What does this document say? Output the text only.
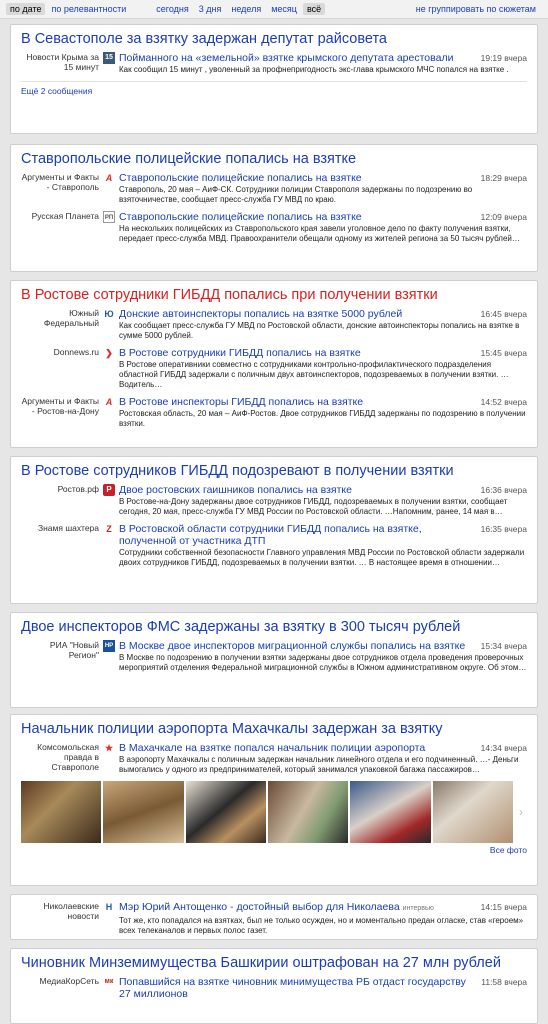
по дате	по релевантности	сегодня	3 дня	неделя	месяц	всё	не группировать по сюжетам
В Севастополе за взятку задержан депутат райсовета
Новости Крыма за 15 минут
15 Пойманного на «земельной» взятке крымского депутата арестовали	19:19 вчера
Как сообщил 15 минут , уволенный за профнепригодность экс-глава крымского МЧС попался на взятке .
Ещё 2 сообщения
Ставропольские полицейские попались на взятке
Аргументы и Факты - Ставрополь
A Ставропольские полицейские попались на взятке	18:29 вчера
Ставрополь, 20 мая – АиФ-СК. Сотрудники полиции Ставрополя задержаны по подозрению во взяточничестве, сообщает пресс-служба ГУ МВД по краю.
Русская Планета РП Ставропольские полицейские попались на взятке	12:09 вчера
На нескольких полицейских из Ставропольского края завели уголовное дело по факту получения взятки, передает пресс-служба МВД. Правоохранители обещали одному из жителей региона за 50 тысяч рублей…
В Ростове сотрудники ГИБДД попались при получении взятки
Южный Федеральный
Ю Донские автоинспекторы попались на взятке 5000 рублей	16:45 вчера
Как сообщает пресс-служба ГУ МВД по Ростовской области, донские автоинспекторы попались на взятке в сумме 5000 рублей.
Donnews.ru ❯ В Ростове сотрудники ГИБДД попались на взятке	15:45 вчера
В Ростове оперативники совместно с сотрудниками контрольно-профилактического подразделения областной ГИБДД задержали с поличным двух автоинспекторов, подозреваемых в получении взятки. …Водитель…
Аргументы и Факты - Ростов-на-Дону
A В Ростове инспекторы ГИБДД попались на взятке	14:52 вчера
Ростовская область, 20 мая – АиФ-Ростов. Двое сотрудников ГИБДД задержаны по подозрению в получении взятки.
В Ростове сотрудников ГИБДД подозревают в получении взятки
Ростов.рф Р Двое ростовских гаишников попались на взятке	16:36 вчера
В Ростове-на-Дону задержаны двое сотрудников ГИБДД, подозреваемых в получении взятки, сообщает сегодня, 20 мая, пресс-служба ГУ МВД России по Ростовской области. …Напомним, ранее, 14 мая в…
Знамя шахтера Z В Ростовской области сотрудники ГИБДД попались на взятке, полученной от участника ДТП
16:35 вчера
Сотрудники собственной безопасности Главного управления МВД России по Ростовской области задержали двоих сотрудников ГИБДД, подозреваемых в получении взятки. … В настоящее время в отношении…
Двое инспекторов ФМС задержаны за взятку в 300 тысяч рублей
РИА "Новый Регион"
НР В Москве двое инспекторов миграционной службы попались на взятке	15:34 вчера
В Москве по подозрению в получении взятки задержаны двое сотрудников отдела проведения проверочных мероприятий отделения Федеральной миграционной службы в Южном административном округе. Об этом…
Начальник полиции аэропорта Махачкалы задержан за взятку
Комсомольская правда в Ставрополе
★ В Махачкале на взятке попался начальник полиции аэропорта	14:34 вчера
В аэропорту Махачкалы с поличным задержан начальник линейного отдела и его подчиненный. …- Деньги вымогались у одного из предпринимателей, который занимался упаковкой багажа пассажиров…
›
Все фото
Николаевские новости
Н Мэр Юрий Антощенко - достойный выбор для Николаева интервью	14:15 вчера
Тот же, кто попадался на взятках, был не только осужден, но и моментально предан огласке, став «героем» всех телеканалов и первых полос газет.
Чиновник Минземимущества Башкирии оштрафован на 27 млн рублей
МедиаКорСеть мк Попавшийся на взятке чиновник минимущества РБ отдаст государству 27 миллионов
11:58 вчера
